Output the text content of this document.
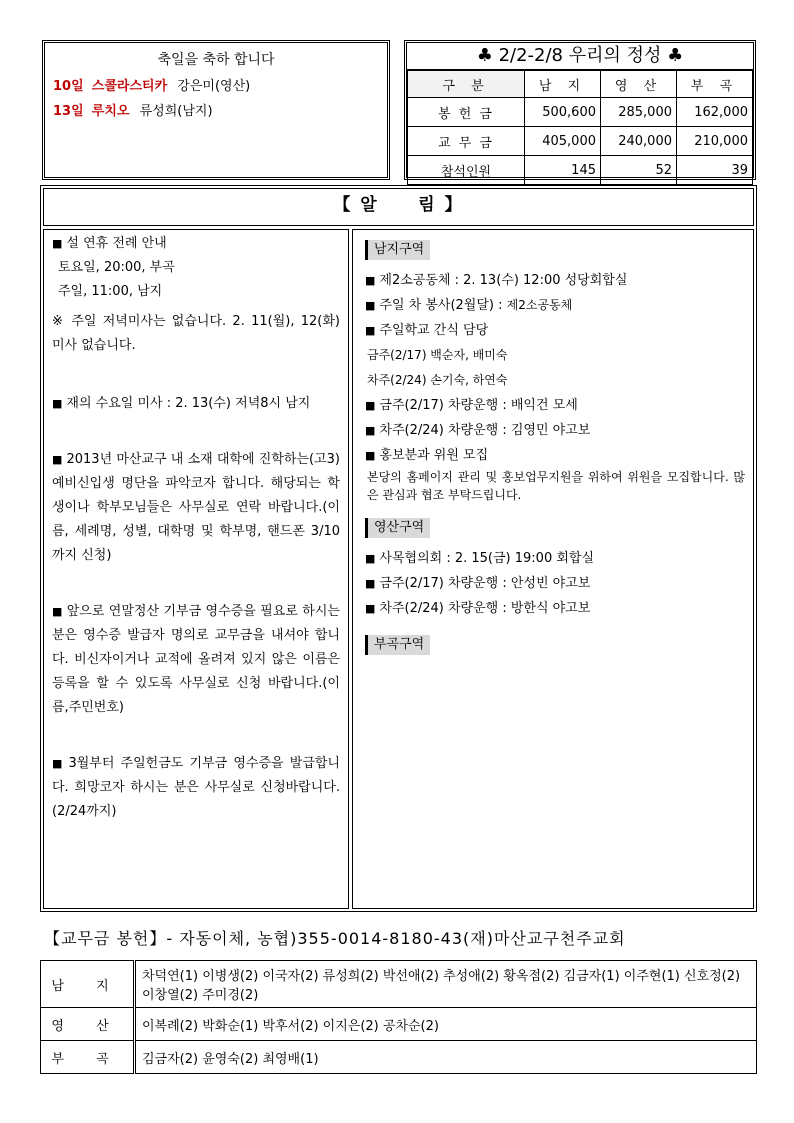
축일을 축하 합니다
10일 스콜라스티카 강은미(영산)
13일 루치오 류성희(남지)
♣ 2/2-2/8 우리의 정성 ♣
구 분	남 지	영 산	부 곡
봉 헌 금	500,600	285,000	162,000
교 무 금	405,000	240,000	210,000
참석인원	145	52	39
【 알     림 】
■ 설 연휴 전례 안내
토요일, 20:00, 부곡
주일, 11:00, 남지
※ 주일 저녁미사는 없습니다. 2. 11(월), 12(화) 미사 없습니다.
■ 재의 수요일 미사 : 2. 13(수) 저녁8시 남지
■ 2013년 마산교구 내 소재 대학에 진학하는(고3) 예비신입생 명단을 파악코자 합니다. 해당되는 학생이나 학부모님들은 사무실로 연락 바랍니다.(이름, 세례명, 성별, 대학명 및 학부명, 핸드폰 3/10까지 신청)
■ 앞으로 연말정산 기부금 영수증을 필요로 하시는 분은 영수증 발급자 명의로 교무금을 내셔야 합니다. 비신자이거나 교적에 올려져 있지 않은 이름은 등록을 할 수 있도록 사무실로 신청 바랍니다.(이름,주민번호)
■ 3월부터 주일헌금도 기부금 영수증을 발급합니다. 희망코자 하시는 분은 사무실로 신청바랍니다.(2/24까지)
남지구역
■ 제2소공동체 : 2. 13(수) 12:00 성당회합실
■ 주일 차 봉사(2월달) : 제2소공동체
■ 주일학교 간식 담당
금주(2/17) 백순자, 배미숙
차주(2/24) 손기숙, 하연숙
■ 금주(2/17) 차량운행 : 배익건 모세
■ 차주(2/24) 차량운행 : 김영민 야고보
■ 홍보분과 위원 모집
본당의 홈페이지 관리 및 홍보업무지원을 위하여 위원을 모집합니다. 많은 관심과 협조 부탁드립니다.
영산구역
■ 사목협의회 : 2. 15(금) 19:00 회합실
■ 금주(2/17) 차량운행 : 안성빈 야고보
■ 차주(2/24) 차량운행 : 방한식 야고보
부곡구역
【교무금 봉헌】- 자동이체, 농협)355-0014-8180-43(재)마산교구천주교회
남 지	차덕연(1) 이병생(2) 이국자(2) 류성희(2) 박선애(2) 추성애(2) 황옥점(2) 김금자(1) 이주현(1) 신호정(2) 이창열(2) 주미경(2)
영 산	이복례(2) 박화순(1) 박후서(2) 이지은(2) 공차순(2)
부 곡	김금자(2) 윤영숙(2) 최영배(1)
